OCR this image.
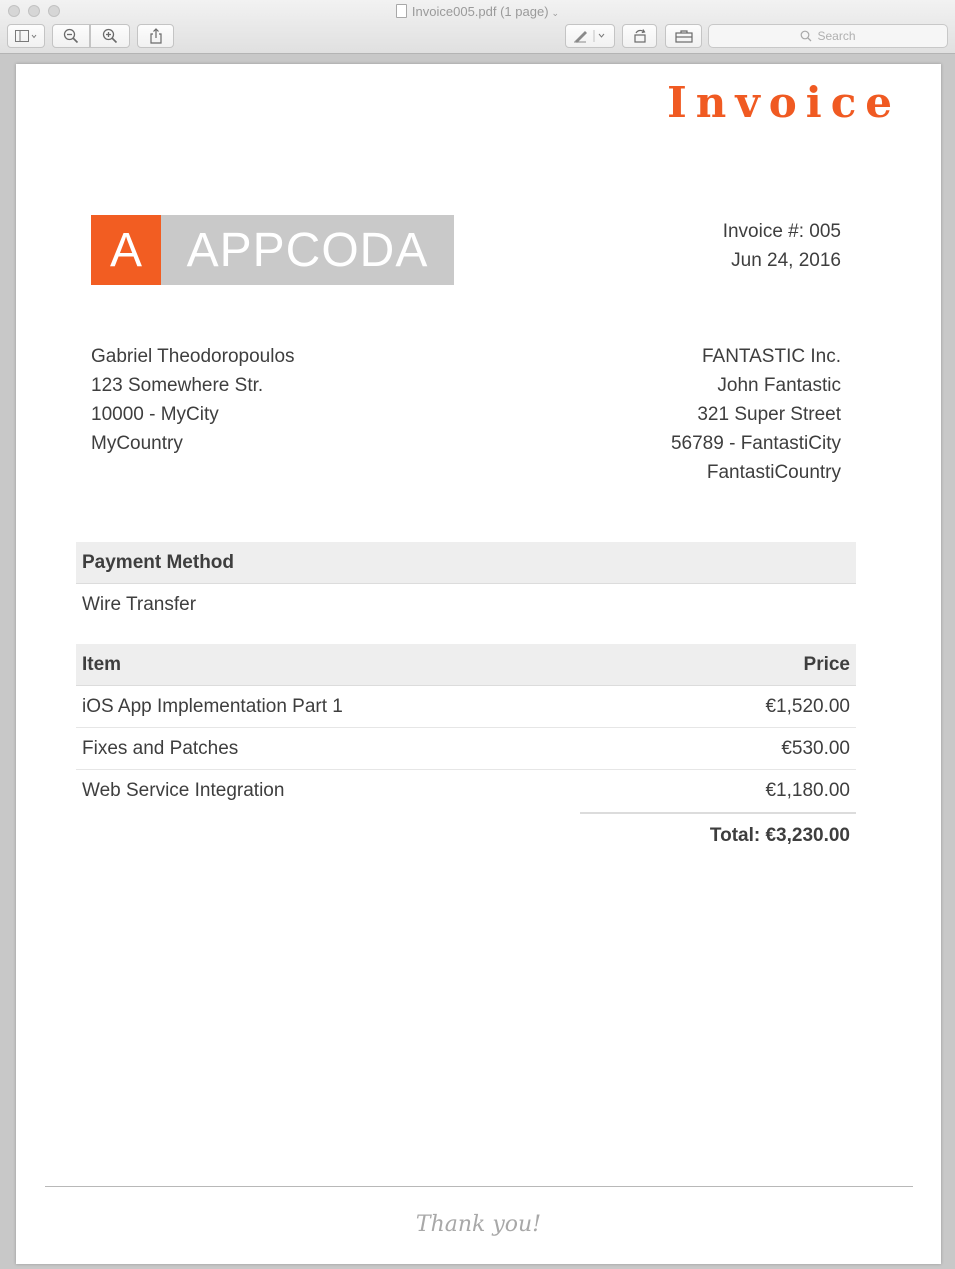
Invoice005.pdf (1 page) ⌄
Search
Invoice
A APPCODA	Invoice #: 005
Jun 24, 2016
Gabriel Theodoropoulos
123 Somewhere Str.
10000 - MyCity
MyCountry
FANTASTIC Inc.
John Fantastic
321 Super Street
56789 - FantastiCity
FantastiCountry
Payment Method
Wire Transfer
Item	Price
iOS App Implementation Part 1	€1,520.00
Fixes and Patches	€530.00
Web Service Integration	€1,180.00
Total: €3,230.00
Thank you!
